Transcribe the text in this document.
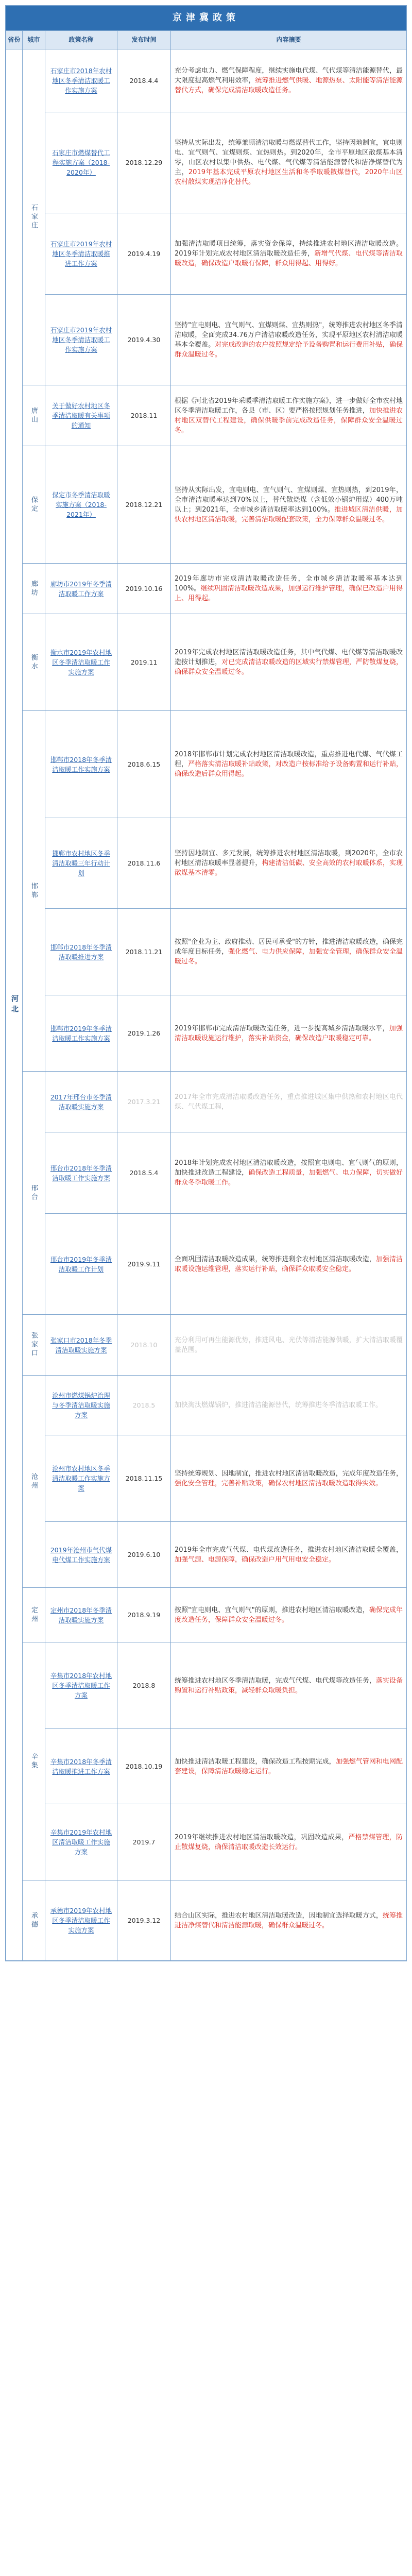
京津冀政策
省份	城市	政策名称	发布时间	内容摘要
河北	石家庄	石家庄市2018年农村地区冬季清洁取暖工作实施方案	2018.4.4	充分考虑电力、燃气保障程度，继续实施电代煤、气代煤等清洁能源替代，最大限度提高燃气利用效率，统筹推进燃气供暖、地源热泵、太阳能等清洁能源替代方式，确保完成清洁取暖改造任务。
		石家庄市燃煤替代工程实施方案（2018-2020年）	2018.12.29	坚持从实际出发，统筹兼顾清洁取暖与燃煤替代工作，坚持因地制宜，宜电则电、宜气则气、宜煤则煤、宜热则热。到2020年，全市平原地区散煤基本清零，山区农村以集中供热、电代煤、气代煤等清洁能源替代和洁净煤替代为主，2019年基本完成平原农村地区生活和冬季取暖散煤替代，2020年山区农村散煤实现洁净化替代。
		石家庄市2019年农村地区冬季清洁取暖推进工作方案	2019.4.19	加强清洁取暖项目统筹，落实资金保障，持续推进农村地区清洁取暖改造。2019年计划完成农村地区清洁取暖改造任务，新增气代煤、电代煤等清洁取暖改造，确保改造户取暖有保障，群众用得起、用得好。
		石家庄市2019年农村地区冬季清洁取暖工作实施方案	2019.4.30	坚持"宜电则电、宜气则气、宜煤则煤、宜热则热"，统筹推进农村地区冬季清洁取暖，全面完成34.76万户清洁取暖改造任务，实现平原地区农村清洁取暖基本全覆盖。对完成改造的农户按照规定给予设备购置和运行费用补贴，确保群众温暖过冬。
	唐山	关于做好农村地区冬季清洁取暖有关事项的通知	2018.11	根据《河北省2019年采暖季清洁取暖工作实施方案》，进一步做好全市农村地区冬季清洁取暖工作，各县（市、区）要严格按照规划任务推进，加快推进农村地区双替代工程建设，确保供暖季前完成改造任务，保障群众安全温暖过冬。
	保定	保定市冬季清洁取暖实施方案（2018-2021年）	2018.12.21	坚持从实际出发，宜电则电、宜气则气、宜煤则煤、宜热则热，到2019年，全市清洁取暖率达到70%以上，替代散烧煤（含低效小锅炉用煤）400万吨以上；到2021年，全市城乡清洁取暖率达到100%。推进城区清洁供暖，加快农村地区清洁取暖，完善清洁取暖配套政策，全力保障群众温暖过冬。
	廊坊	廊坊市2019年冬季清洁取暖工作方案	2019.10.16	2019年廊坊市完成清洁取暖改造任务，全市城乡清洁取暖率基本达到100%。继续巩固清洁取暖改造成果，加强运行维护管理，确保已改造户用得上、用得起。
	衡水	衡水市2019年农村地区冬季清洁取暖工作实施方案	2019.11	2019年完成农村地区清洁取暖改造任务，其中气代煤、电代煤等清洁取暖改造按计划推进，对已完成清洁取暖改造的区域实行禁煤管理，严防散煤复烧，确保群众安全温暖过冬。
	邯郸	邯郸市2018年冬季清洁取暖工作实施方案	2018.6.15	2018年邯郸市计划完成农村地区清洁取暖改造，重点推进电代煤、气代煤工程，严格落实清洁取暖补贴政策，对改造户按标准给予设备购置和运行补贴，确保改造后群众用得起。
		邯郸市农村地区冬季清洁取暖三年行动计划	2018.11.6	坚持因地制宜、多元发展，统筹推进农村地区清洁取暖，到2020年，全市农村地区清洁取暖率显著提升，构建清洁低碳、安全高效的农村取暖体系，实现散煤基本清零。
		邯郸市2018年冬季清洁取暖推进方案	2018.11.21	按照"企业为主、政府推动、居民可承受"的方针，推进清洁取暖改造，确保完成年度目标任务，强化燃气、电力供应保障，加强安全管理，确保群众安全温暖过冬。
		邯郸市2019年冬季清洁取暖工作实施方案	2019.1.26	2019年邯郸市完成清洁取暖改造任务，进一步提高城乡清洁取暖水平，加强清洁取暖设施运行维护，落实补贴资金，确保改造户取暖稳定可靠。
	邢台	2017年邢台市冬季清洁取暖实施方案	2017.3.21	2017年全市完成清洁取暖改造任务，重点推进城区集中供热和农村地区电代煤、气代煤工程，
		邢台市2018年冬季清洁取暖工作实施方案	2018.5.4	2018年计划完成农村地区清洁取暖改造，按照宜电则电、宜气则气的原则，加快推进改造工程建设，确保改造工程质量，加强燃气、电力保障，切实做好群众冬季取暖工作。
		邢台市2019年冬季清洁取暖工作计划	2019.9.11	全面巩固清洁取暖改造成果，统筹推进剩余农村地区清洁取暖改造，加强清洁取暖设施运维管理，落实运行补贴，确保群众取暖安全稳定。
	张家口	张家口市2018年冬季清洁取暖实施方案	2018.10	充分利用可再生能源优势，推进风电、光伏等清洁能源供暖，扩大清洁取暖覆盖范围。
	沧州	沧州市燃煤锅炉治理与冬季清洁取暖实施方案	2018.5	加快淘汰燃煤锅炉，推进清洁能源替代，统筹推进冬季清洁取暖工作。
		沧州市农村地区冬季清洁取暖工作实施方案	2018.11.15	坚持统筹规划、因地制宜，推进农村地区清洁取暖改造，完成年度改造任务，强化安全管理，完善补贴政策，确保农村地区清洁取暖改造取得实效。
		2019年沧州市气代煤电代煤工作实施方案	2019.6.10	2019年全市完成气代煤、电代煤改造任务，推进农村地区清洁取暖全覆盖，加强气源、电源保障，确保改造户用气用电安全稳定。
	定州	定州市2018年冬季清洁取暖实施方案	2018.9.19	按照"宜电则电、宜气则气"的原则，推进农村地区清洁取暖改造，确保完成年度改造任务，保障群众安全温暖过冬。
	辛集	辛集市2018年农村地区冬季清洁取暖工作方案	2018.8	统筹推进农村地区冬季清洁取暖，完成气代煤、电代煤等改造任务，落实设备购置和运行补贴政策，减轻群众取暖负担。
		辛集市2018年冬季清洁取暖推进工作方案	2018.10.19	加快推进清洁取暖工程建设，确保改造工程按期完成，加强燃气管网和电网配套建设，保障清洁取暖稳定运行。
		辛集市2019年农村地区清洁取暖工作实施方案	2019.7	2019年继续推进农村地区清洁取暖改造，巩固改造成果，严格禁煤管理，防止散煤复烧，确保清洁取暖改造长效运行。
	承德	承德市2019年农村地区冬季清洁取暖工作实施方案	2019.3.12	结合山区实际，推进农村地区清洁取暖改造，因地制宜选择取暖方式，统筹推进洁净煤替代和清洁能源取暖，确保群众温暖过冬。
